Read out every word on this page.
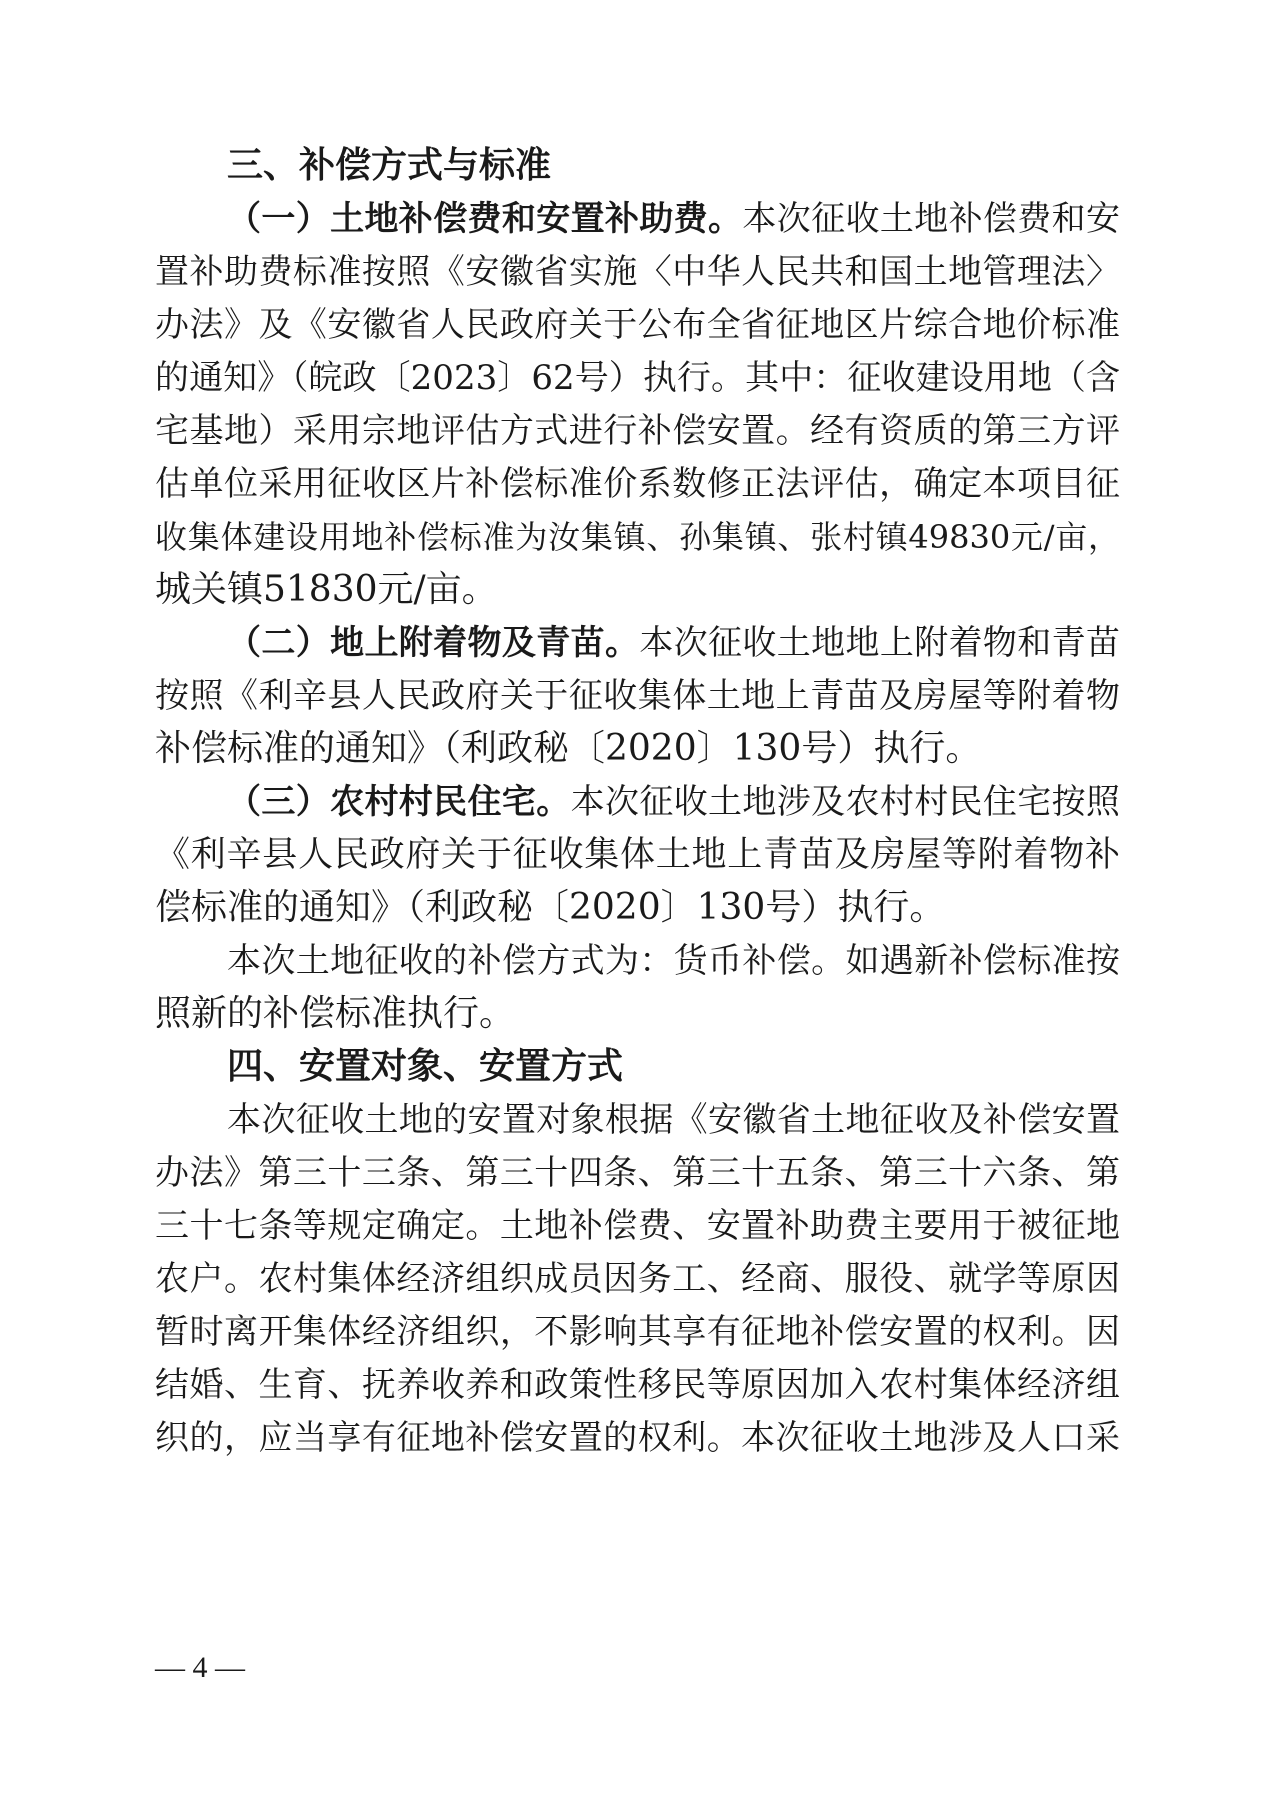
三、补偿方式与标准
（一）土地补偿费和安置补助费。本次征收土地补偿费和安
置补助费标准按照《安徽省实施〈中华人民共和国土地管理法〉
办法》及《安徽省人民政府关于公布全省征地区片综合地价标准
的通知》（皖政〔2023〕62号）执行。其中：征收建设用地（含
宅基地）采用宗地评估方式进行补偿安置。经有资质的第三方评
估单位采用征收区片补偿标准价系数修正法评估，确定本项目征
收集体建设用地补偿标准为汝集镇、孙集镇、张村镇49830元/亩，
城关镇51830元/亩。
（二）地上附着物及青苗。本次征收土地地上附着物和青苗
按照《利辛县人民政府关于征收集体土地上青苗及房屋等附着物
补偿标准的通知》（利政秘〔2020〕130号）执行。
（三）农村村民住宅。本次征收土地涉及农村村民住宅按照
《利辛县人民政府关于征收集体土地上青苗及房屋等附着物补
偿标准的通知》（利政秘〔2020〕130号）执行。
本次土地征收的补偿方式为：货币补偿。如遇新补偿标准按
照新的补偿标准执行。
四、安置对象、安置方式
本次征收土地的安置对象根据《安徽省土地征收及补偿安置
办法》第三十三条、第三十四条、第三十五条、第三十六条、第
三十七条等规定确定。土地补偿费、安置补助费主要用于被征地
农户。农村集体经济组织成员因务工、经商、服役、就学等原因
暂时离开集体经济组织，不影响其享有征地补偿安置的权利。因
结婚、生育、抚养收养和政策性移民等原因加入农村集体经济组
织的，应当享有征地补偿安置的权利。本次征收土地涉及人口采
— 4 —
